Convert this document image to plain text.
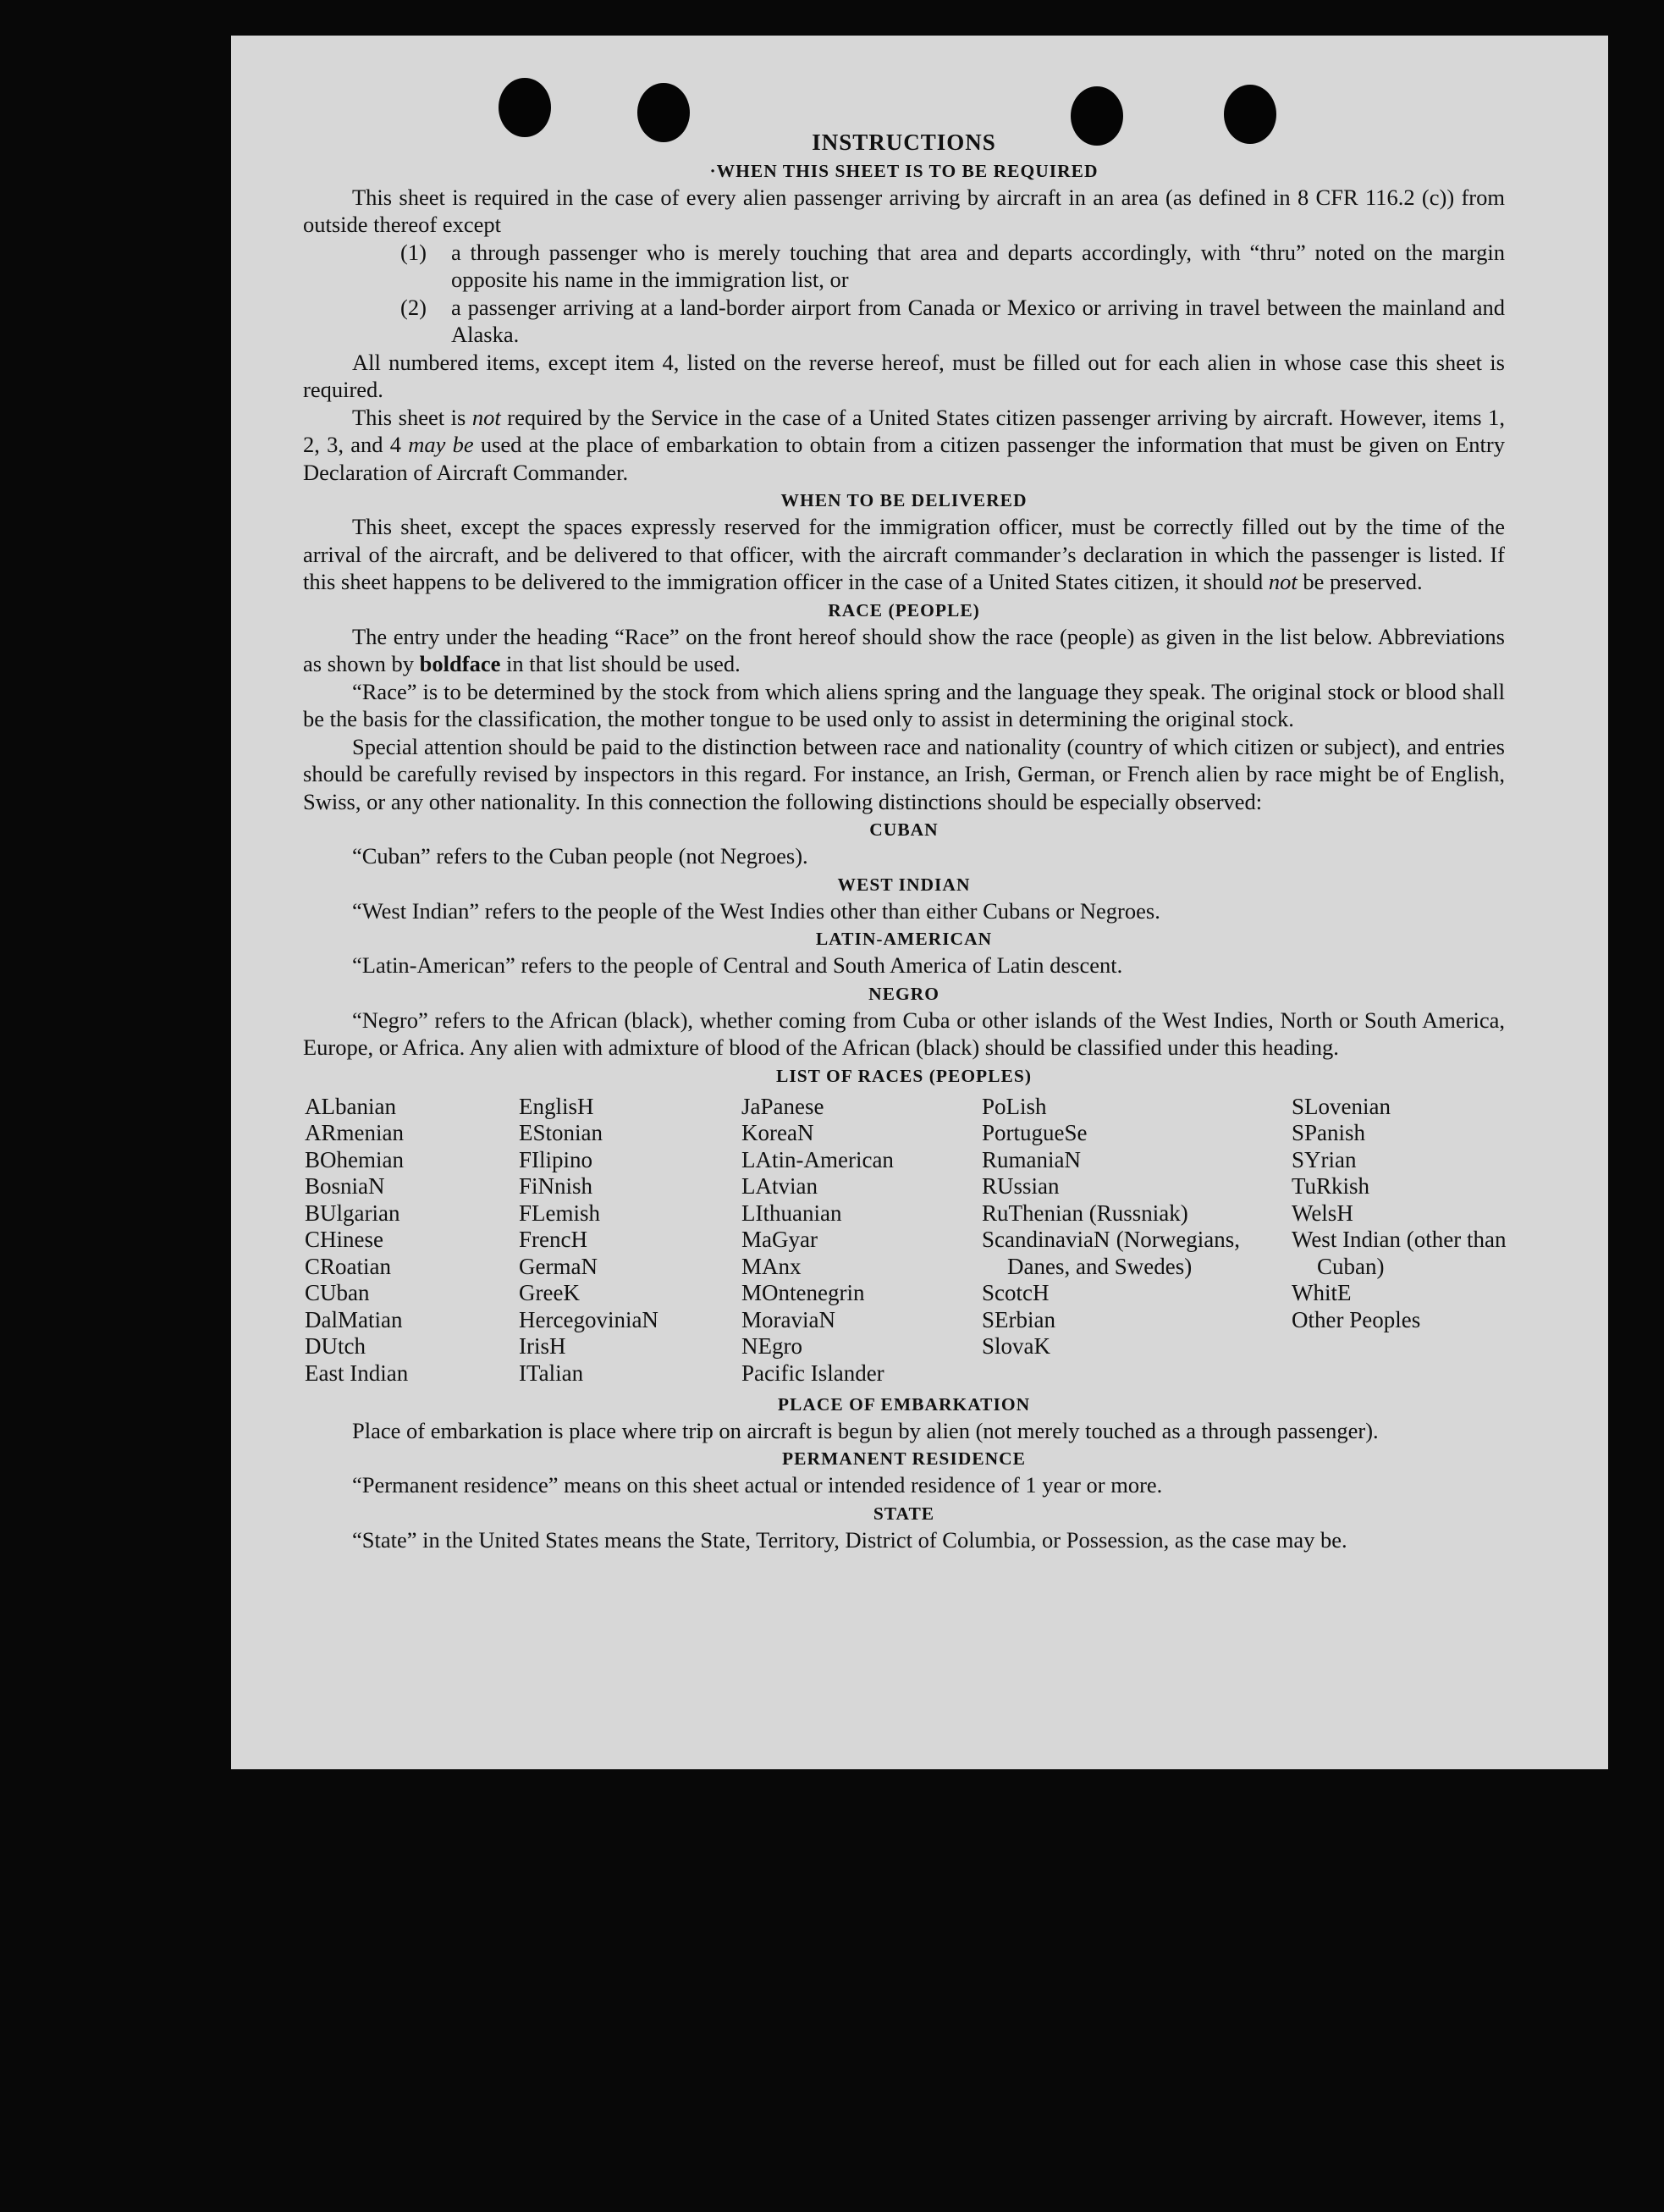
INSTRUCTIONS
·WHEN THIS SHEET IS TO BE REQUIRED

This sheet is required in the case of every alien passenger arriving by aircraft in an area (as defined in 8 CFR 116.2 (c)) from outside thereof except

(1)	a through passenger who is merely touching that area and departs accordingly, with “thru” noted on the margin opposite his name in the immigration list, or
(2)	a passenger arriving at a land-border airport from Canada or Mexico or arriving in travel between the mainland and Alaska.

All numbered items, except item 4, listed on the reverse hereof, must be filled out for each alien in whose case this sheet is required.

This sheet is not required by the Service in the case of a United States citizen passenger arriving by aircraft. However, items 1, 2, 3, and 4 may be used at the place of embarkation to obtain from a citizen passenger the information that must be given on Entry Declaration of Aircraft Commander.

WHEN TO BE DELIVERED

This sheet, except the spaces expressly reserved for the immigration officer, must be correctly filled out by the time of the arrival of the aircraft, and be delivered to that officer, with the aircraft commander’s declaration in which the passenger is listed. If this sheet happens to be delivered to the immigration officer in the case of a United States citizen, it should not be preserved.

RACE (PEOPLE)

The entry under the heading “Race” on the front hereof should show the race (people) as given in the list below. Abbreviations as shown by boldface in that list should be used.

“Race” is to be determined by the stock from which aliens spring and the language they speak. The original stock or blood shall be the basis for the classification, the mother tongue to be used only to assist in determining the original stock.

Special attention should be paid to the distinction between race and nationality (country of which citizen or subject), and entries should be carefully revised by inspectors in this regard. For instance, an Irish, German, or French alien by race might be of English, Swiss, or any other nationality. In this connection the following distinctions should be especially observed:

CUBAN

“Cuban” refers to the Cuban people (not Negroes).

WEST INDIAN

“West Indian” refers to the people of the West Indies other than either Cubans or Negroes.

LATIN-AMERICAN

“Latin-American” refers to the people of Central and South America of Latin descent.

NEGRO

“Negro” refers to the African (black), whether coming from Cuba or other islands of the West Indies, North or South America, Europe, or Africa. Any alien with admixture of blood of the African (black) should be classified under this heading.

LIST OF RACES (PEOPLES)
ALbanian
ARmenian
BOhemian
BosniaN
BUlgarian
CHinese
CRoatian
CUban
DalMatian
DUtch
East Indian
EnglisH
EStonian
FIlipino
FiNnish
FLemish
FrencH
GermaN
GreeK
HercegoviniaN
IrisH
ITalian
JaPanese
KoreaN
LAtin-American
LAtvian
LIthuanian
MaGyar
MAnx
MOntenegrin
MoraviaN
NEgro
Pacific Islander
PoLish
PortugueSe
RumaniaN
RUssian
RuThenian (Russniak)
ScandinaviaN (Norwegians, Danes, and Swedes)
ScotcH
SErbian
SlovaK
SLovenian
SPanish
SYrian
TuRkish
WelsH
West Indian (other than Cuban)
WhitE
Other Peoples
PLACE OF EMBARKATION

Place of embarkation is place where trip on aircraft is begun by alien (not merely touched as a through passenger).

PERMANENT RESIDENCE

“Permanent residence” means on this sheet actual or intended residence of 1 year or more.

STATE

“State” in the United States means the State, Territory, District of Columbia, or Possession, as the case may be.
